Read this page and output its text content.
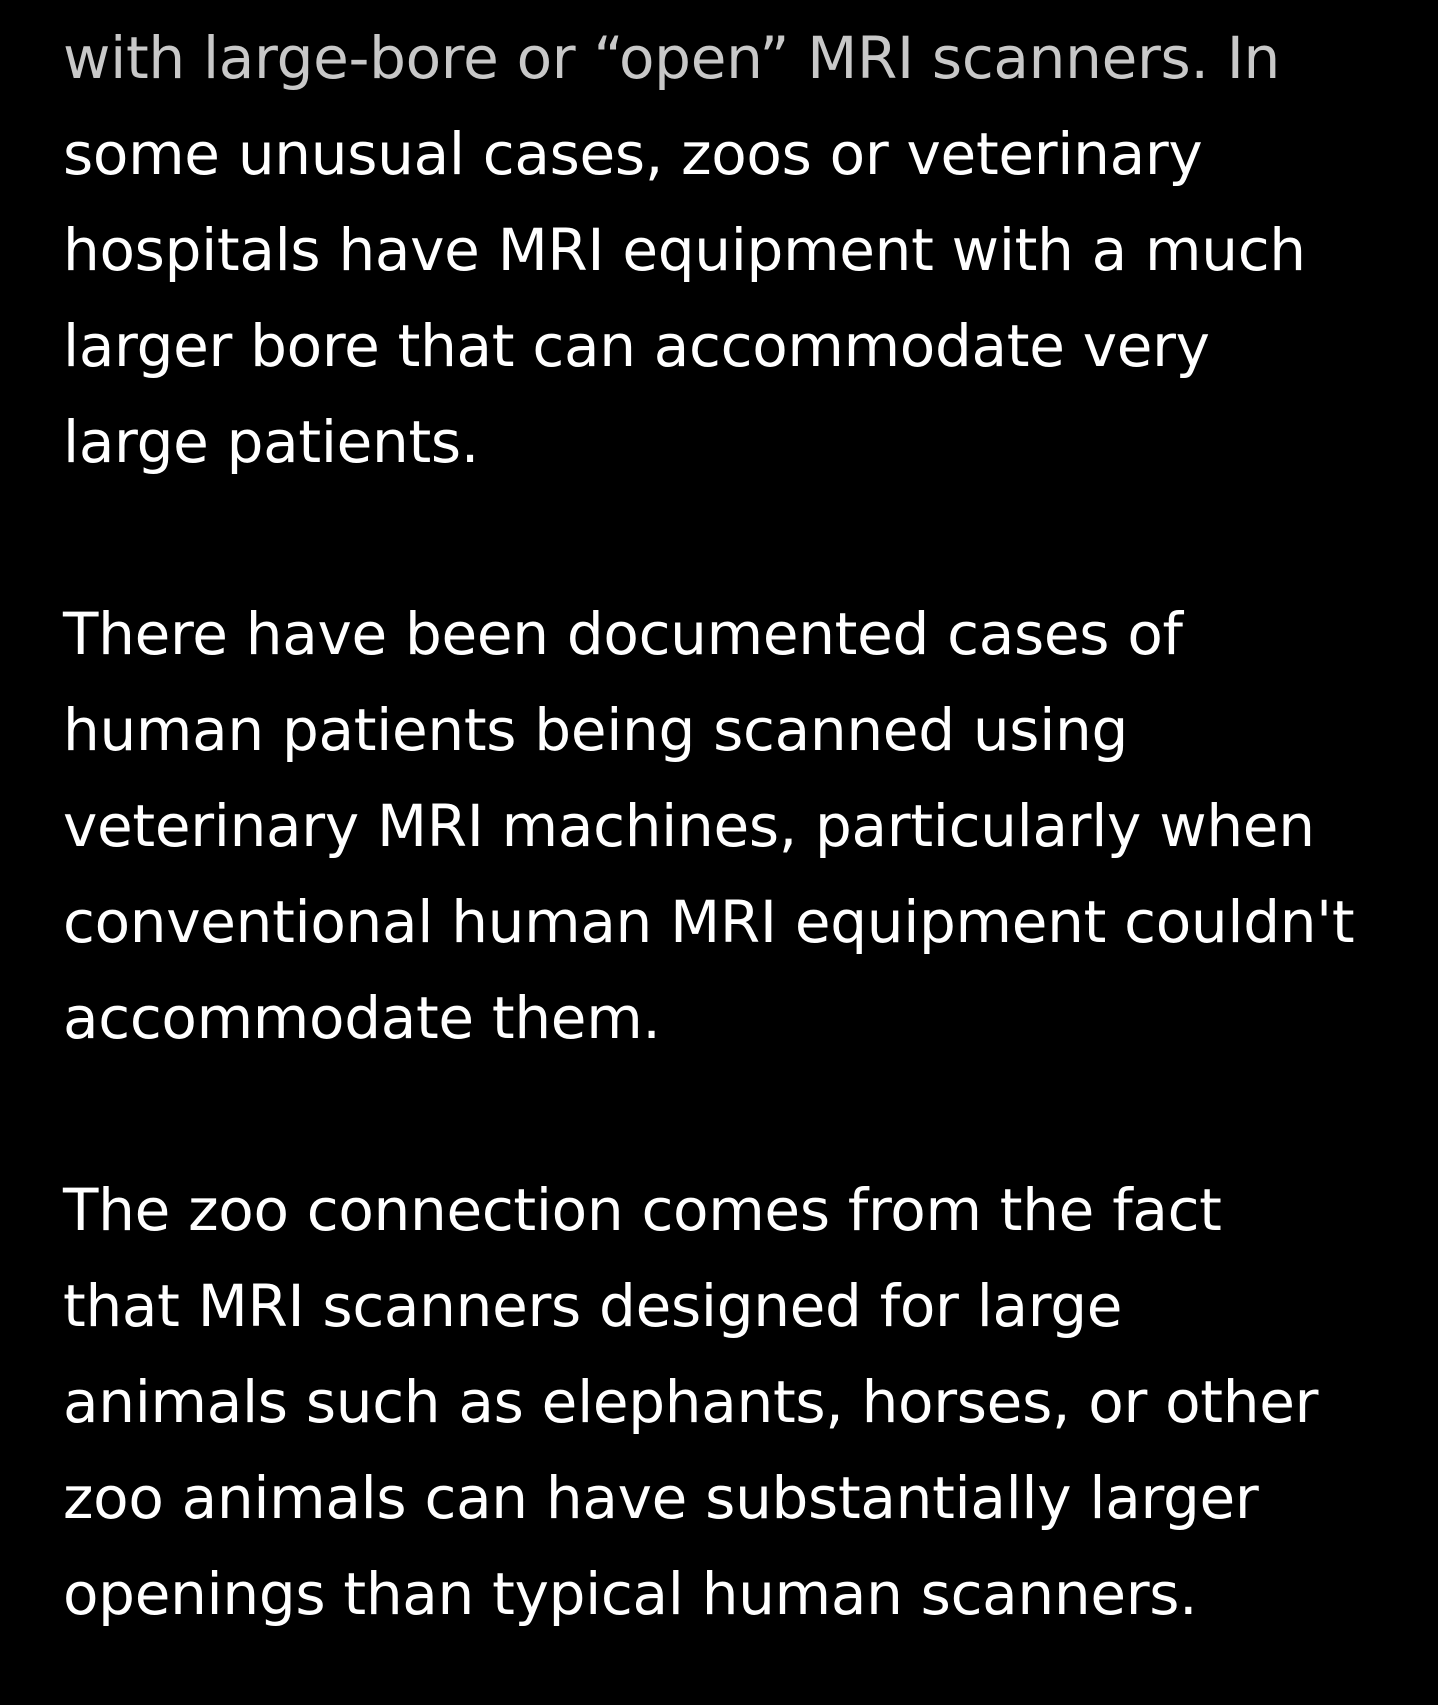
with large-bore or “open” MRI scanners. In
some unusual cases, zoos or veterinary
hospitals have MRI equipment with a much
larger bore that can accommodate very
large patients.

There have been documented cases of
human patients being scanned using
veterinary MRI machines, particularly when
conventional human MRI equipment couldn't
accommodate them.

The zoo connection comes from the fact
that MRI scanners designed for large
animals such as elephants, horses, or other
zoo animals can have substantially larger
openings than typical human scanners.
